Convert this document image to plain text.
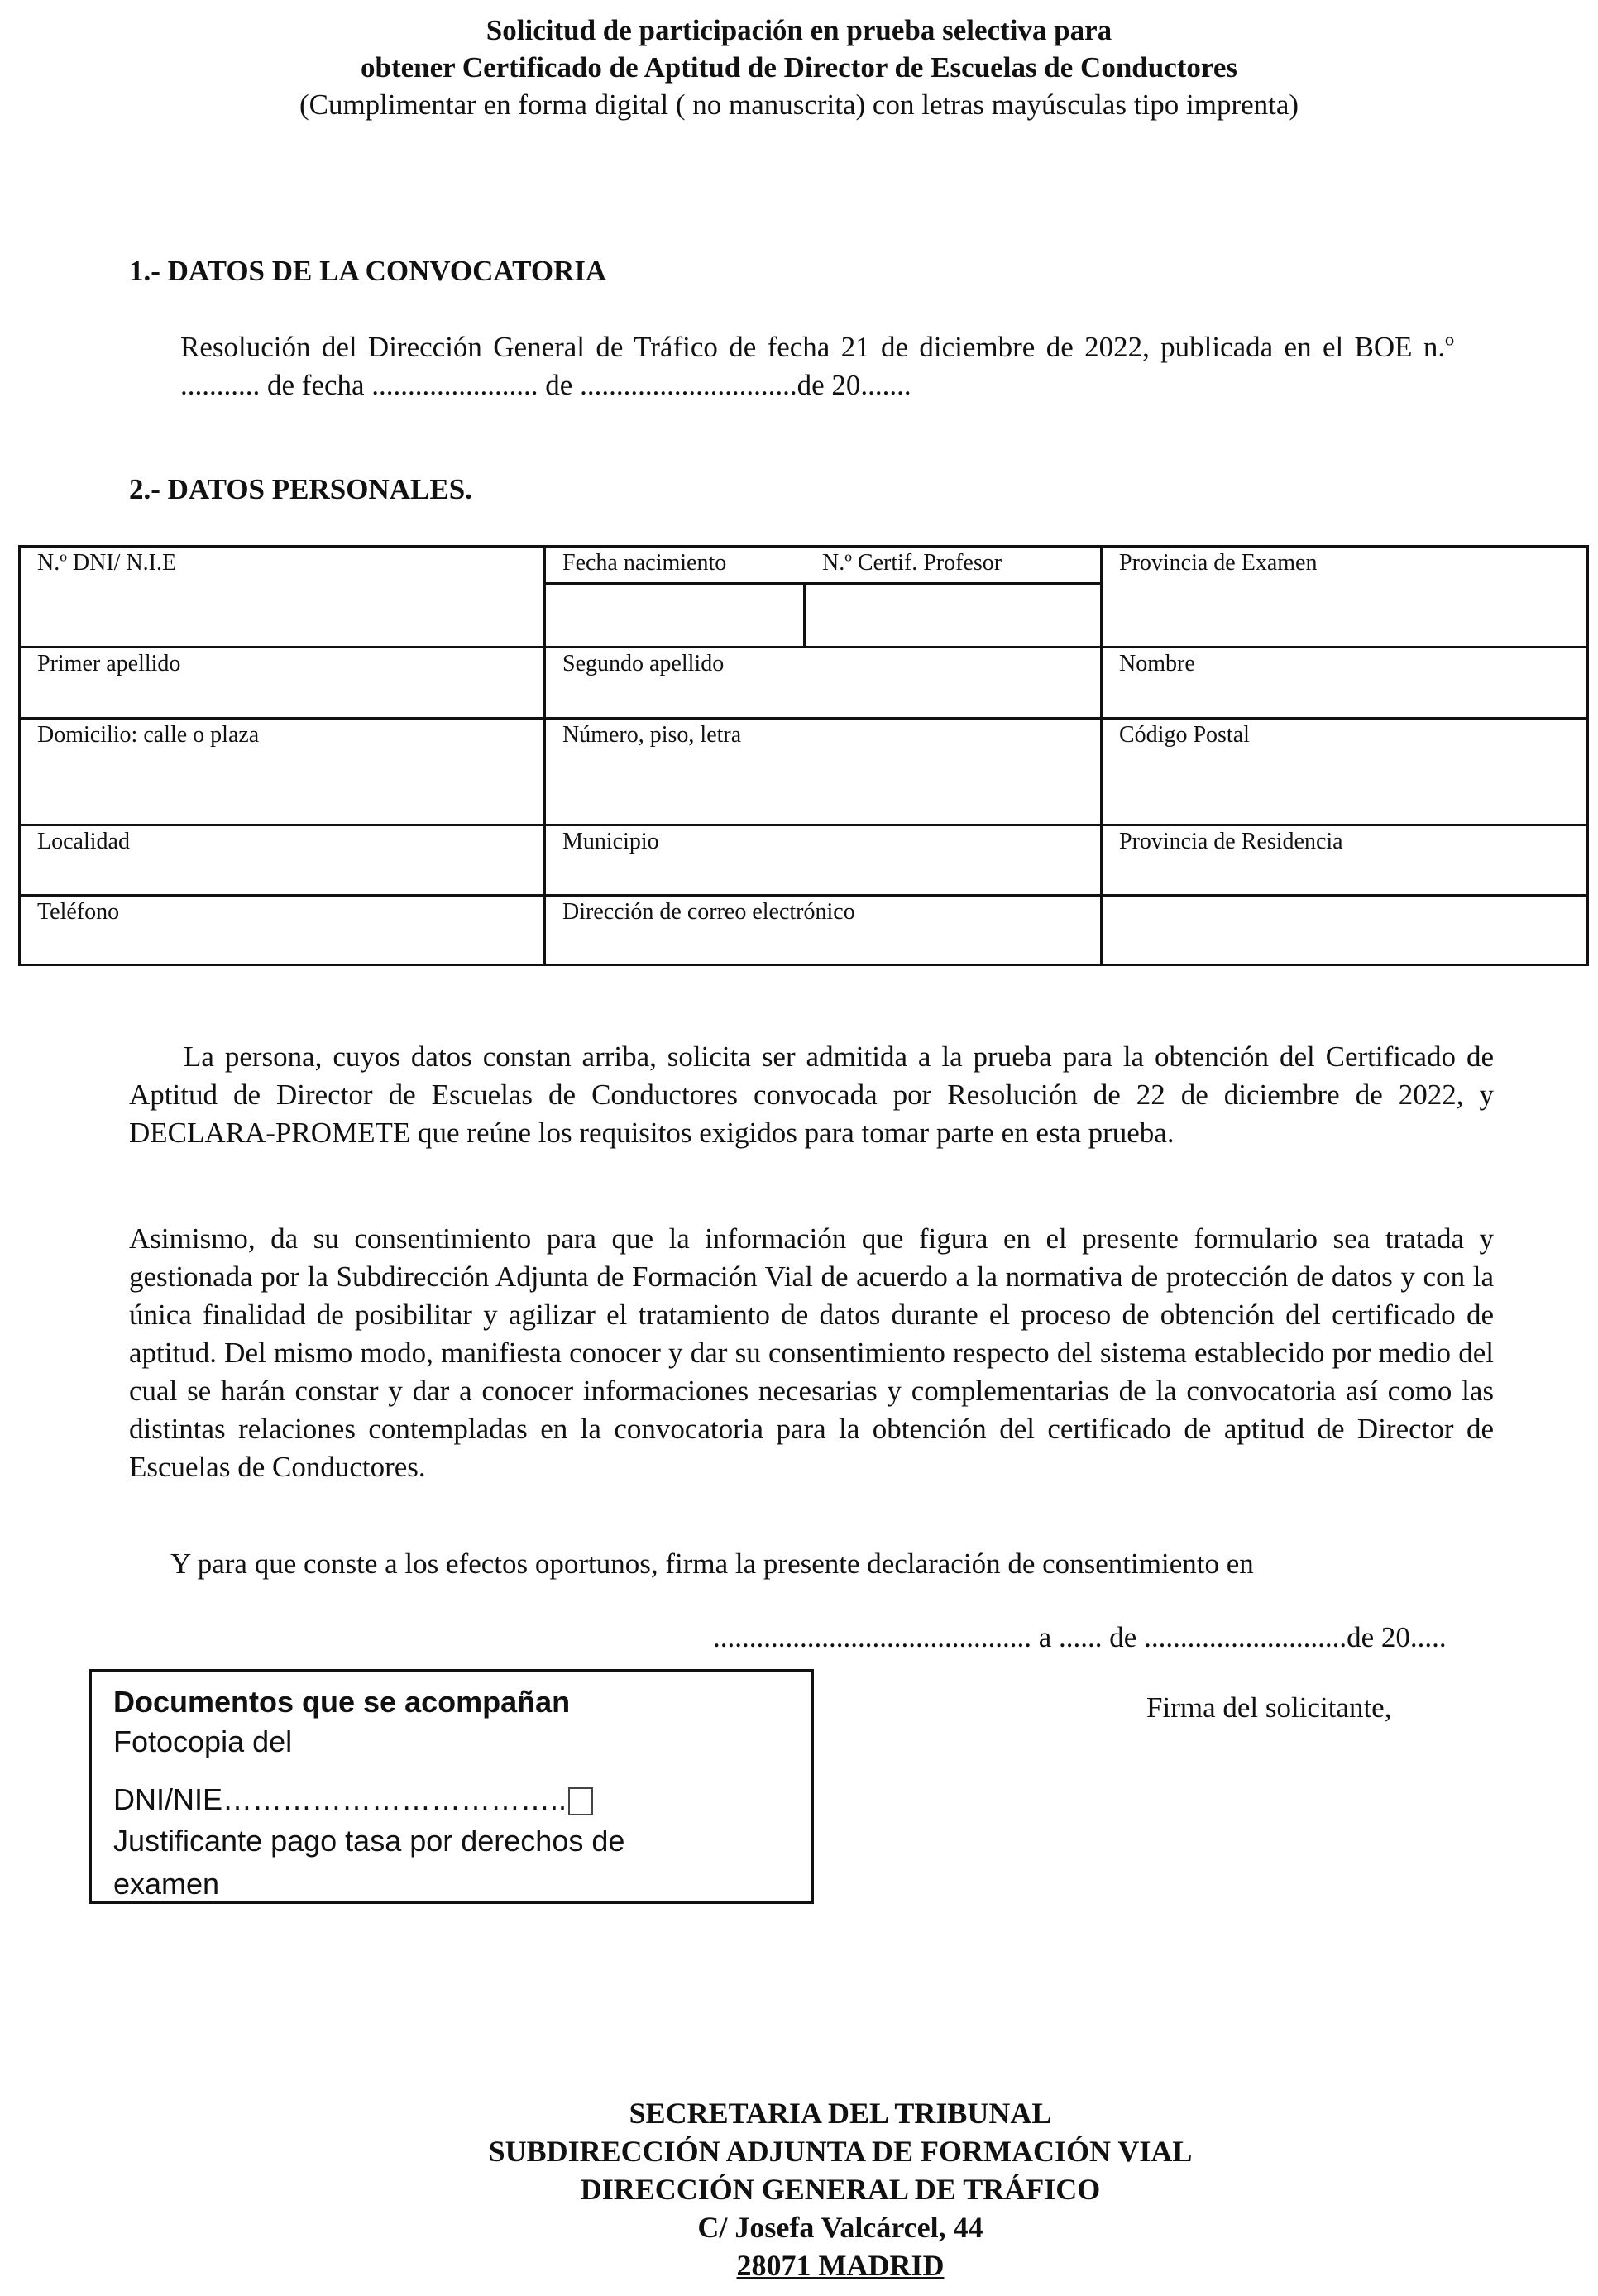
Solicitud de participación en prueba selectiva para
obtener Certificado de Aptitud de Director de Escuelas de Conductores
(Cumplimentar en forma digital ( no manuscrita) con letras mayúsculas tipo imprenta)
1.- DATOS DE LA CONVOCATORIA
Resolución del Dirección General de Tráfico de fecha 21 de diciembre de 2022, publicada en el BOE n.º ........... de fecha ....................... de ..............................de 20.......
2.- DATOS PERSONALES.
N.º DNI/ N.I.E	Fecha nacimiento N.º Certif. Profesor	Provincia de Examen

Primer apellido	Segundo apellido	Nombre

Domicilio: calle o plaza	Número, piso, letra	Código Postal

Localidad	Municipio	Provincia de Residencia

Teléfono	Dirección de correo electrónico	

La persona, cuyos datos constan arriba, solicita ser admitida a la prueba para la obtención del Certificado de Aptitud de Director de Escuelas de Conductores convocada por Resolución de 22 de diciembre de 2022, y DECLARA-PROMETE que reúne los requisitos exigidos para tomar parte en esta prueba.
Asimismo, da su consentimiento para que la información que figura en el presente formulario sea tratada y gestionada por la Subdirección Adjunta de Formación Vial de acuerdo a la normativa de protección de datos y con la única finalidad de posibilitar y agilizar el tratamiento de datos durante el proceso de obtención del certificado de aptitud. Del mismo modo, manifiesta conocer y dar su consentimiento respecto del sistema establecido por medio del cual se harán constar y dar a conocer informaciones necesarias y complementarias de la convocatoria así como las distintas relaciones contempladas en la convocatoria para la obtención del certificado de aptitud de Director de Escuelas de Conductores.
Y para que conste a los efectos oportunos, firma la presente declaración de consentimiento en
............................................ a ...... de ............................de 20.....
Firma del solicitante,
Documentos que se acompañan
Fotocopia del
DNI/NIE……………………………..
Justificante pago tasa por derechos de
examen
SECRETARIA DEL TRIBUNAL
SUBDIRECCIÓN ADJUNTA DE FORMACIÓN VIAL
DIRECCIÓN GENERAL DE TRÁFICO
C/ Josefa Valcárcel, 44
28071 MADRID
